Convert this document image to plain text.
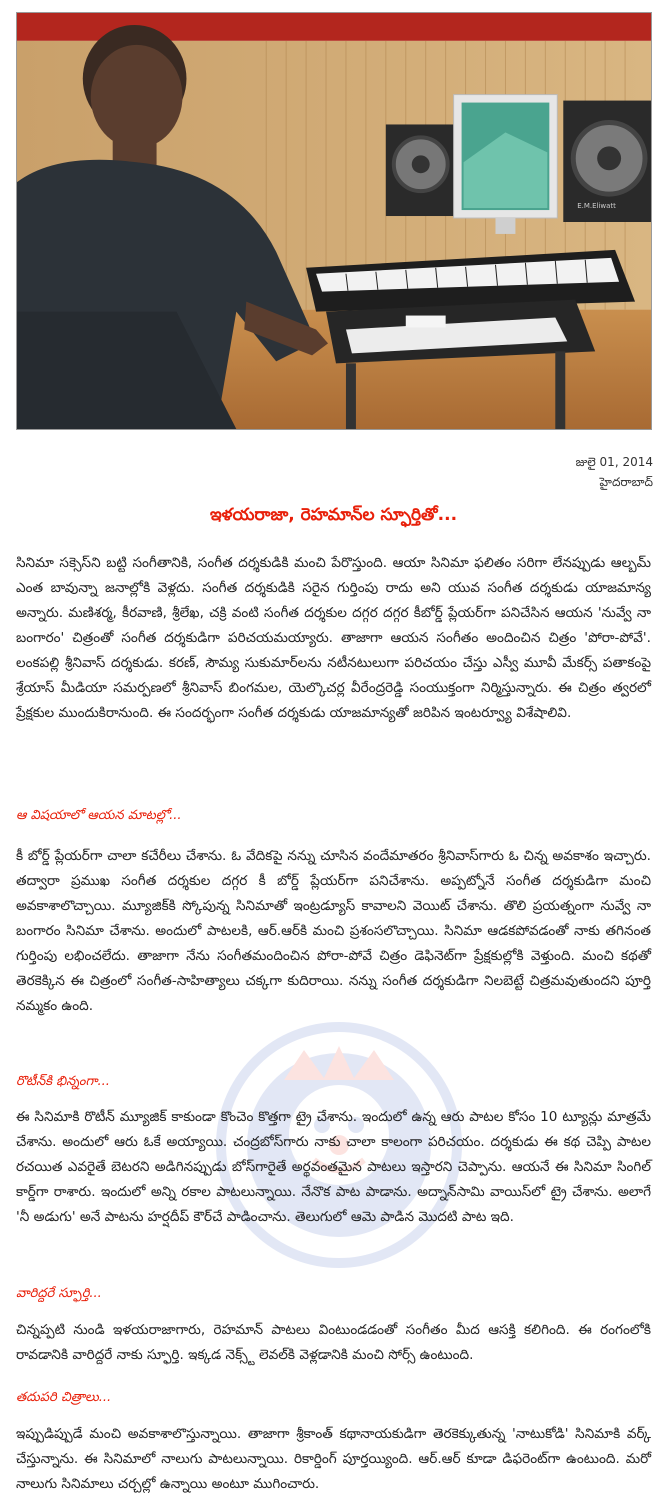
E.M.Eliwatt
జులై 01, 2014
హైదరాబాద్
ఇళయరాజా, రెహమాన్‌ల స్ఫూర్తితో...

సినిమా సక్సెస్‌ని బట్టి సంగీతానికి, సంగీత దర్శకుడికి మంచి పేరొస్తుంది. ఆయా సినిమా ఫలితం సరిగా లేనప్పుడు ఆల్బమ్ ఎంత బావున్నా జనాల్లోకి వెళ్లదు. సంగీత దర్శకుడికి సరైన గుర్తింపు రాదు అని యువ సంగీత దర్శకుడు యాజమాన్య అన్నారు. మణిశర్మ, కీరవాణి, శ్రీలేఖ, చక్రి వంటి సంగీత దర్శకుల దగ్గర దగ్గర కీబోర్డ్ ప్లేయర్‌గా పనిచేసిన ఆయన 'నువ్వే నా బంగారం' చిత్రంతో సంగీత దర్శకుడిగా పరిచయమయ్యారు. తాజాగా ఆయన సంగీతం అందించిన చిత్రం 'పోరా-పోవే'. లంకపల్లి శ్రీనివాస్ దర్శకుడు. కరణ్, సౌమ్య సుకుమార్‌లను నటీనటులుగా పరిచయం చేస్తు ఎస్వీ మూవీ మేకర్స్ పతాకంపై శ్రేయాస్ మీడియా సమర్పణలో శ్రీనివాస్ బింగమల, యెల్కొచర్ల వీరేంద్రరెడ్డి సంయుక్తంగా నిర్మిస్తున్నారు. ఈ చిత్రం త్వరలో ప్రేక్షకుల ముందుకిరానుంది. ఈ సందర్భంగా సంగీత దర్శకుడు యాజమాన్యతో జరిపిన ఇంటర్వ్యూ విశేషాలివి.

ఆ విషయాలో ఆయన మాటల్లో...

కీ బోర్డ్ ప్లేయర్‌గా చాలా కచేరీలు చేశాను. ఓ వేదికపై నన్ను చూసిన వందేమాతరం శ్రీనివాస్‌గారు ఓ చిన్న అవకాశం ఇచ్చారు. తద్వారా ప్రముఖ సంగీత దర్శకుల దగ్గర కీ బోర్డ్ ప్లేయర్‌గా పనిచేశాను. అప్పట్నోనే సంగీత దర్శకుడిగా మంచి అవకాశాలొచ్చాయి. మ్యూజిక్‌కి స్కోపున్న సినిమాతో ఇంట్రడ్యూస్ కావాలని వెయిట్ చేశాను. తొలి ప్రయత్నంగా నువ్వే నా బంగారం సినిమా చేశాను. అందులో పాటలకి, ఆర్.ఆర్‌కి మంచి ప్రశంసలొచ్చాయి. సినిమా ఆడకపోవడంతో నాకు తగినంత గుర్తింపు లభించలేదు. తాజాగా నేను సంగీతమందించిన పోరా-పోవే చిత్రం డెఫినెట్‌గా ప్రేక్షకుల్లోకి వెళ్తుంది. మంచి కథతో తెరకెక్కిన ఈ చిత్రంలో సంగీత-సాహిత్యాలు చక్కగా కుదిరాయి. నన్ను సంగీత దర్శకుడిగా నిలబెట్టే చిత్రమవుతుందని పూర్తి నమ్మకం ఉంది.

రొటీన్‌కి భిన్నంగా...

ఈ సినిమాకి రొటీన్ మ్యూజిక్ కాకుండా కొంచెం కొత్తగా ట్రై చేశాను. ఇందులో ఉన్న ఆరు పాటల కోసం 10 ట్యూన్లు మాత్రమే చేశాను. అందులో ఆరు ఓకే అయ్యాయి. చంద్రబోస్‌గారు నాకు చాలా కాలంగా పరిచయం. దర్శకుడు ఈ కథ చెప్పి పాటల రచయిత ఎవరైతే బెటరని అడిగినప్పుడు బోస్‌గారైతే అర్థవంతమైన పాటలు ఇస్తారని చెప్పాను. ఆయనే ఈ సినిమా సింగిల్ కార్డ్‌గా రాశారు. ఇందులో అన్ని రకాల పాటలున్నాయి. నేనొక పాట పాడాను. అద్నాన్‌సామి వాయిస్‌లో ట్రై చేశాను. అలాగే 'నీ అడుగు' అనే పాటను హర్షదీప్ కౌర్‌చే పాడించాను. తెలుగులో ఆమె పాడిన మొదటి పాట ఇది.

వారిద్దరే స్ఫూర్తి...

చిన్నప్పటి నుండి ఇళయరాజాగారు, రెహమాన్ పాటలు వింటుండడంతో సంగీతం మీద ఆసక్తి కలిగింది. ఈ రంగంలోకి రావడానికి వారిద్దరే నాకు స్ఫూర్తి. ఇక్కడ నెక్స్ట్ లెవల్‌కి వెళ్లడానికి మంచి సోర్స్ ఉంటుంది.

తదుపరి చిత్రాలు...

ఇప్పుడిప్పుడే మంచి అవకాశాలొస్తున్నాయి. తాజాగా శ్రీకాంత్ కథానాయకుడిగా తెరకెక్కుతున్న 'నాటుకోడి' సినిమాకి వర్క్ చేస్తున్నాను. ఈ సినిమాలో నాలుగు పాటలున్నాయి. రికార్డింగ్ పూర్తయ్యింది. ఆర్.ఆర్ కూడా డిఫరెంట్‌గా ఉంటుంది. మరో నాలుగు సినిమాలు చర్చల్లో ఉన్నాయి అంటూ ముగించారు.
